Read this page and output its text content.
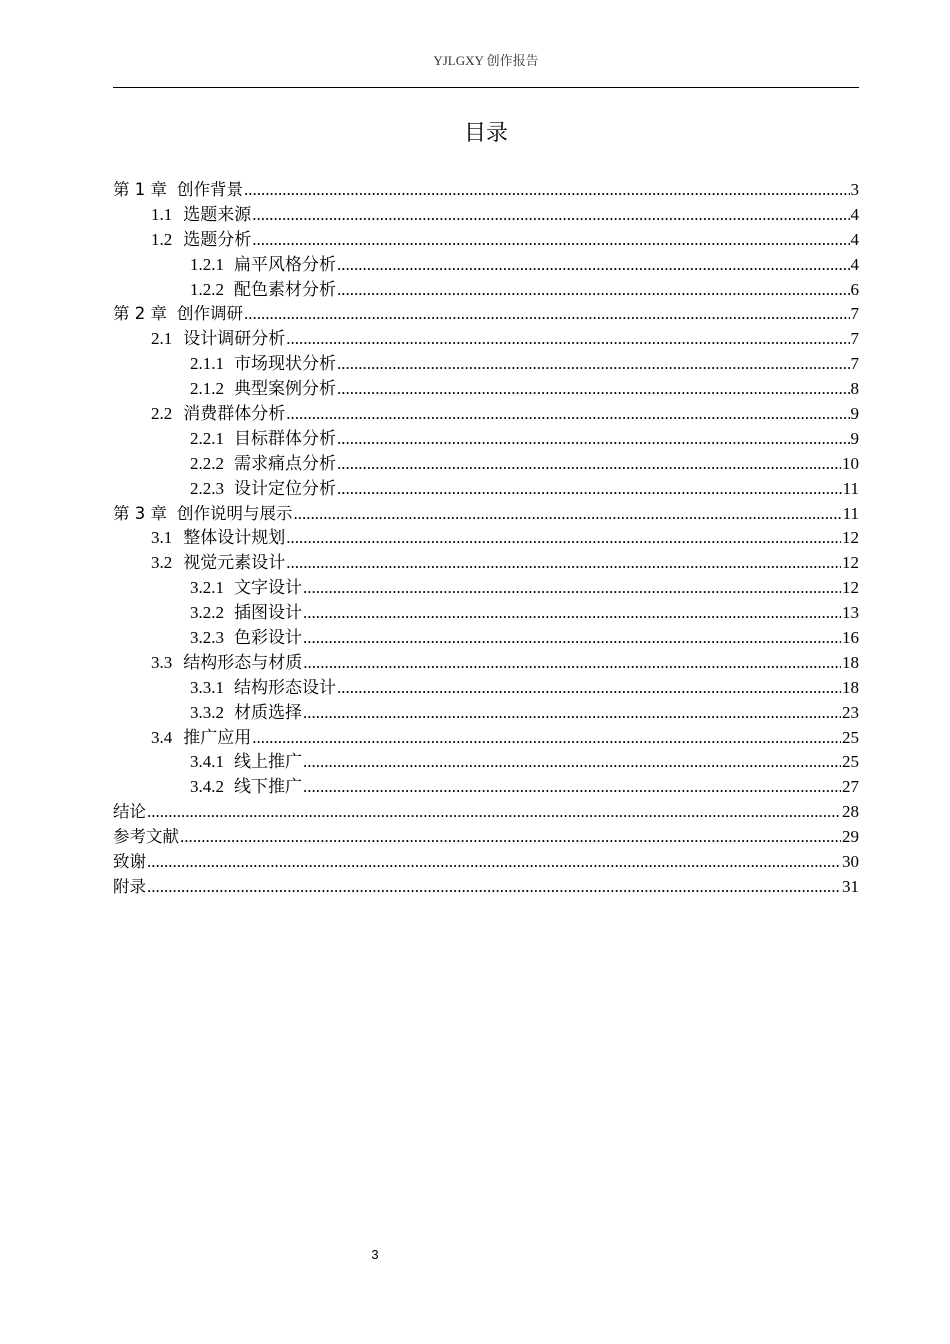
YJLGXY 创作报告
目录
第 1 章 创作背景 .....	3
1.1 选题来源 .....	4
1.2 选题分析 .....	4
1.2.1 扁平风格分析 .....	4
1.2.2 配色素材分析 .....	6
第 2 章 创作调研 .....	7
2.1 设计调研分析 .....	7
2.1.1 市场现状分析 .....	7
2.1.2 典型案例分析 .....	8
2.2 消费群体分析 .....	9
2.2.1 目标群体分析 .....	9
2.2.2 需求痛点分析 .....	10
2.2.3 设计定位分析 .....	11
第 3 章 创作说明与展示 .....	11
3.1 整体设计规划 .....	12
3.2 视觉元素设计 .....	12
3.2.1 文字设计 .....	12
3.2.2 插图设计 .....	13
3.2.3 色彩设计 .....	16
3.3 结构形态与材质 .....	18
3.3.1 结构形态设计 .....	18
3.3.2 材质选择 .....	23
3.4 推广应用 .....	25
3.4.1 线上推广 .....	25
3.4.2 线下推广 .....	27
结论 .....	28
参考文献 .....	29
致谢 .....	30
附录 .....	31
3
